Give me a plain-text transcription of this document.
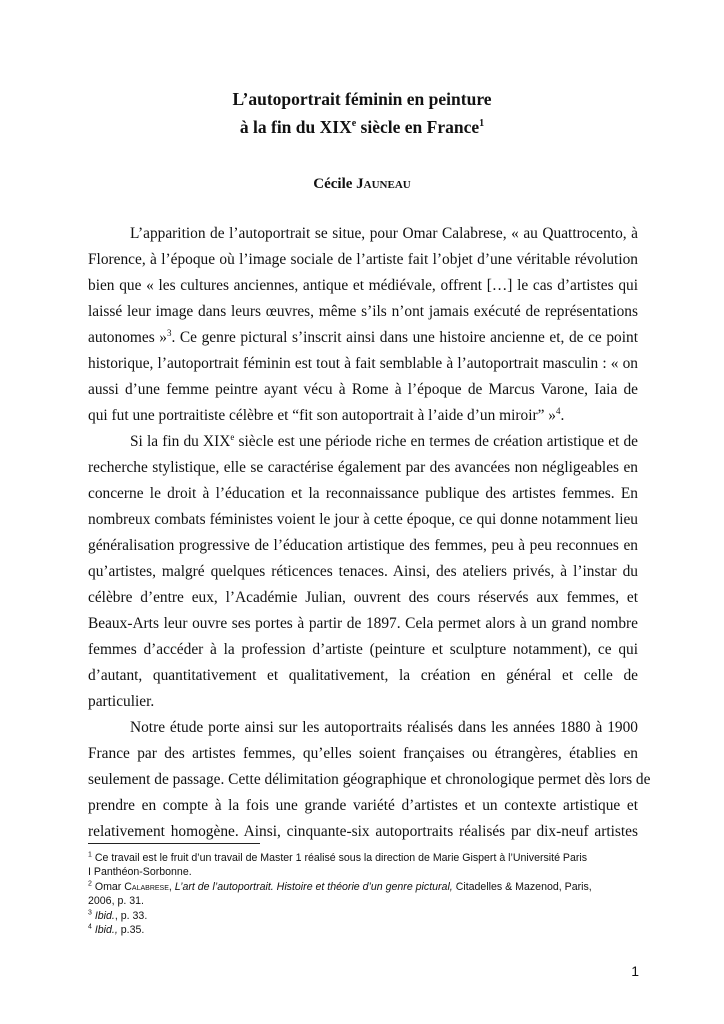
L’autoportrait féminin en peinture
à la fin du XIXe siècle en France$^1$
Cécile Jauneau
L’apparition de l’autoportrait se situe, pour Omar Calabrese, « au Quattrocento, à
Florence, à l’époque où l’image sociale de l’artiste fait l’objet d’une véritable révolution
bien que « les cultures anciennes, antique et médiévale, offrent […] le cas d’artistes qui
laissé leur image dans leurs œuvres, même s’ils n’ont jamais exécuté de représentations
autonomes »$^3$. Ce genre pictural s’inscrit ainsi dans une histoire ancienne et, de ce point
historique, l’autoportrait féminin est tout à fait semblable à l’autoportrait masculin : « on
aussi d’une femme peintre ayant vécu à Rome à l’époque de Marcus Varone, Iaia de
qui fut une portraitiste célèbre et “fit son autoportrait à l’aide d’un miroir” »$^4$.
Si la fin du XIXe siècle est une période riche en termes de création artistique et de
recherche stylistique, elle se caractérise également par des avancées non négligeables en
concerne le droit à l’éducation et la reconnaissance publique des artistes femmes. En
nombreux combats féministes voient le jour à cette époque, ce qui donne notamment lieu
généralisation progressive de l’éducation artistique des femmes, peu à peu reconnues en
qu’artistes, malgré quelques réticences tenaces. Ainsi, des ateliers privés, à l’instar du
célèbre d’entre eux, l’Académie Julian, ouvrent des cours réservés aux femmes, et
Beaux-Arts leur ouvre ses portes à partir de 1897. Cela permet alors à un grand nombre
femmes d’accéder à la profession d’artiste (peinture et sculpture notamment), ce qui
d’autant, quantitativement et qualitativement, la création en général et celle de
particulier.
Notre étude porte ainsi sur les autoportraits réalisés dans les années 1880 à 1900
France par des artistes femmes, qu’elles soient françaises ou étrangères, établies en
seulement de passage. Cette délimitation géographique et chronologique permet dès lors de
prendre en compte à la fois une grande variété d’artistes et un contexte artistique et
relativement homogène. Ainsi, cinquante-six autoportraits réalisés par dix-neuf artistes
$^1$ Ce travail est le fruit d’un travail de Master 1 réalisé sous la direction de Marie Gispert à l’Université Paris
I Panthéon-Sorbonne.
$^2$ Omar Calabrese, L’art de l’autoportrait. Histoire et théorie d’un genre pictural, Citadelles & Mazenod, Paris,
2006, p. 31.
$^3$ Ibid., p. 33.
$^4$ Ibid., p.35.
1
